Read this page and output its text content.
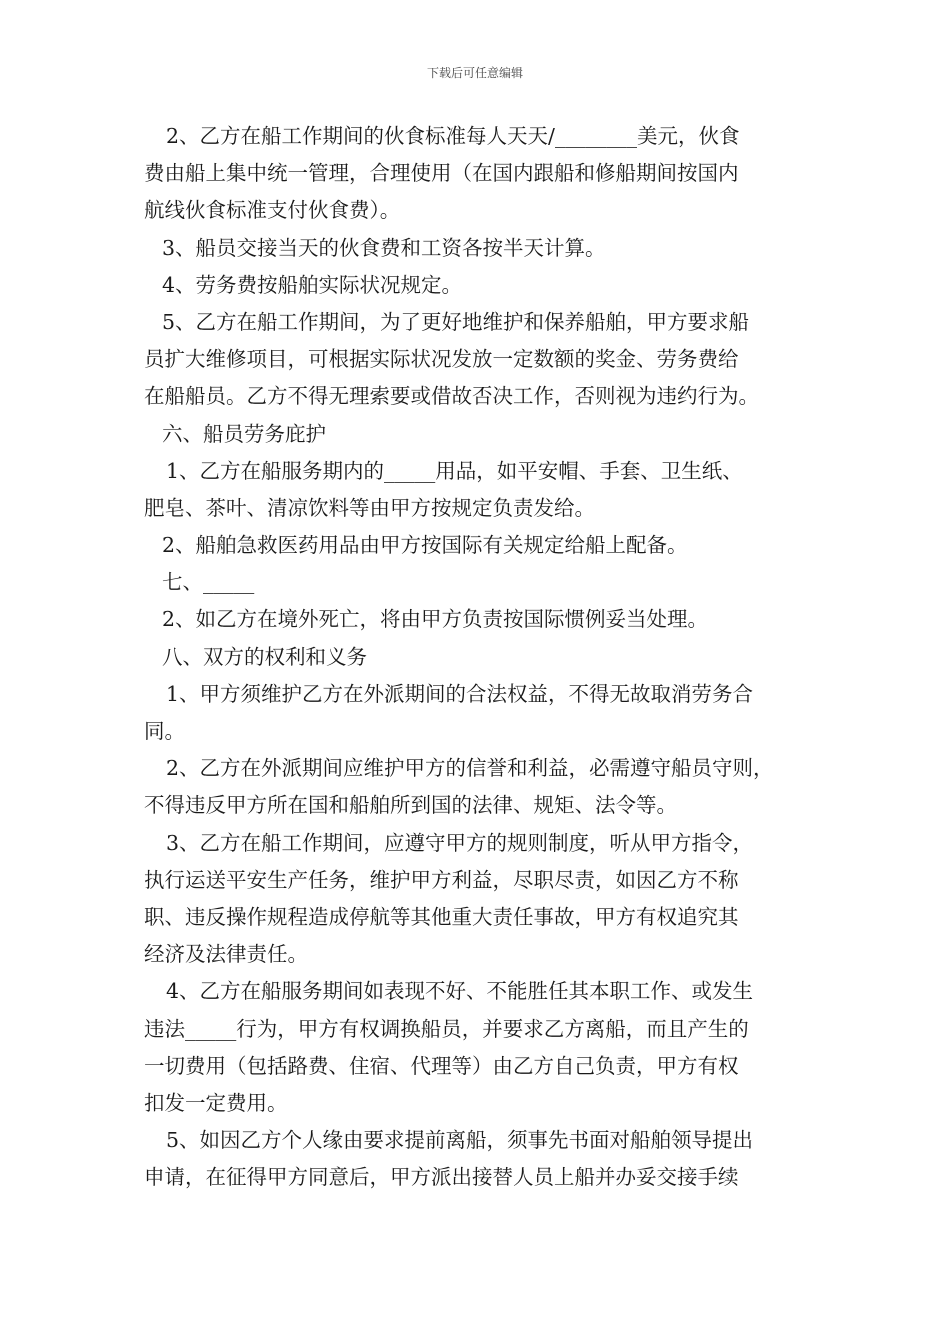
下载后可任意编辑
2、乙方在船工作期间的伙食标准每人天天/________美元，伙食
费由船上集中统一管理，合理使用（在国内跟船和修船期间按国内
航线伙食标准支付伙食费）。
3、船员交接当天的伙食费和工资各按半天计算。
4、劳务费按船舶实际状况规定。
5、乙方在船工作期间，为了更好地维护和保养船舶，甲方要求船
员扩大维修项目，可根据实际状况发放一定数额的奖金、劳务费给
在船船员。乙方不得无理索要或借故否决工作，否则视为违约行为。
六、船员劳务庇护
1、乙方在船服务期内的_____用品，如平安帽、手套、卫生纸、
肥皂、茶叶、清凉饮料等由甲方按规定负责发给。
2、船舶急救医药用品由甲方按国际有关规定给船上配备。
七、_____
2、如乙方在境外死亡，将由甲方负责按国际惯例妥当处理。
八、双方的权利和义务
1、甲方须维护乙方在外派期间的合法权益，不得无故取消劳务合
同。
2、乙方在外派期间应维护甲方的信誉和利益，必需遵守船员守则，
不得违反甲方所在国和船舶所到国的法律、规矩、法令等。
3、乙方在船工作期间，应遵守甲方的规则制度，听从甲方指令，
执行运送平安生产任务，维护甲方利益，尽职尽责，如因乙方不称
职、违反操作规程造成停航等其他重大责任事故，甲方有权追究其
经济及法律责任。
4、乙方在船服务期间如表现不好、不能胜任其本职工作、或发生
违法_____行为，甲方有权调换船员，并要求乙方离船，而且产生的
一切费用（包括路费、住宿、代理等）由乙方自己负责，甲方有权
扣发一定费用。
5、如因乙方个人缘由要求提前离船，须事先书面对船舶领导提出
申请，在征得甲方同意后，甲方派出接替人员上船并办妥交接手续
